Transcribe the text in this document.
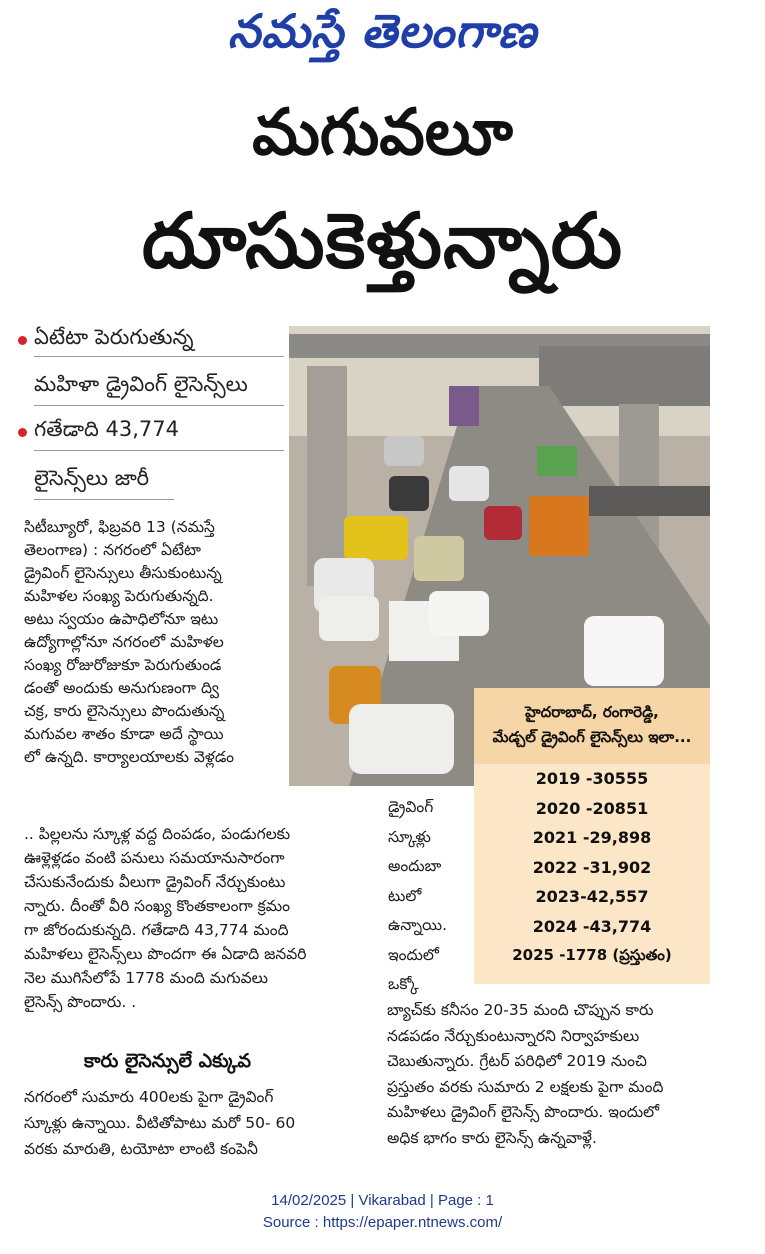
నమస్తే తెలంగాణ
మగువలూ
దూసుకెళ్తున్నారు
ఏటేటా పెరుగుతున్న
మహిళా డ్రైవింగ్ లైసెన్స్‌లు
గతేడాది 43,774
లైసెన్స్‌లు జారీ

సిటీబ్యూరో, ఫిబ్రవరి 13 (నమస్తే

తెలంగాణ) : నగరంలో ఏటేటా

డ్రైవింగ్ లైసెన్సులు తీసుకుంటున్న

మహిళల సంఖ్య పెరుగుతున్నది.

అటు స్వయం ఉపాధిలోనూ ఇటు

ఉద్యోగాల్లోనూ నగరంలో మహిళల

సంఖ్య రోజురోజుకూ పెరుగుతుండ

డంతో అందుకు అనుగుణంగా ద్వి

చక్ర, కారు లైసెన్సులు పొందుతున్న

మగువల శాతం కూడా అదే స్థాయి

లో ఉన్నది. కార్యాలయాలకు వెళ్లడం

.. పిల్లలను స్కూళ్ల వద్ద దింపడం, పండుగలకు

ఊళ్లెళ్లడం వంటి పనులు సమయానుసారంగా

చేసుకునేందుకు వీలుగా డ్రైవింగ్ నేర్చుకుంటు

న్నారు. దీంతో వీరి సంఖ్య కొంతకాలంగా క్రమం

గా జోరందుకున్నది. గతేడాది 43,774 మంది

మహిళలు లైసెన్స్‌లు పొందగా ఈ ఏడాది జనవరి

నెల ముగిసేలోపే 1778 మంది మగువలు

లైసెన్స్ పొందారు. .

కారు లైసెన్సులే ఎక్కువ

నగరంలో సుమారు 400లకు పైగా డ్రైవింగ్

స్కూళ్లు ఉన్నాయి. వీటితోపాటు మరో 50- 60

వరకు మారుతి, టయోటా లాంటి కంపెనీ

హైదరాబాద్, రంగారెడ్డి,
మేడ్చల్ డ్రైవింగ్ లైసెన్స్‌లు ఇలా...
2019 -30555
2020 -20851
2021 -29,898
2022 -31,902
2023-42,557
2024 -43,774
2025 -1778 (ప్రస్తుతం)

డ్రైవింగ్

స్కూళ్లు

అందుబా

టులో

ఉన్నాయి.

ఇందులో

ఒక్కో

బ్యాచ్‌కు కనీసం 20-35 మంది చొప్పున కారు

నడపడం నేర్చుకుంటున్నారని నిర్వాహకులు

చెబుతున్నారు. గ్రేటర్ పరిధిలో 2019 నుంచి

ప్రస్తుతం వరకు సుమారు 2 లక్షలకు పైగా మంది

మహిళలు డ్రైవింగ్ లైసెన్స్ పొందారు. ఇందులో

అధిక భాగం కారు లైసెన్స్ ఉన్నవాళ్లే.

14/02/2025 | Vikarabad | Page : 1
Source : https://epaper.ntnews.com/
